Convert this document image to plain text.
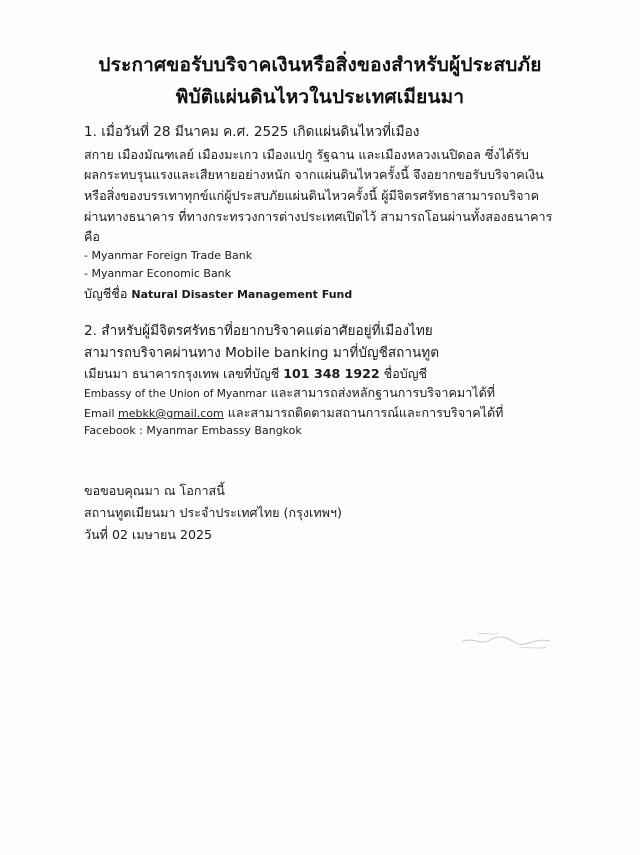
ประกาศขอรับบริจาคเงินหรือสิ่งของสำหรับผู้ประสบภัย
พิบัติแผ่นดินไหวในประเทศเมียนมา
1. เมื่อวันที่ 28 มีนาคม ค.ศ. 2525 เกิดแผ่นดินไหวที่เมือง
สกาย เมืองมัณฑเลย์ เมืองมะเกว เมืองแปกู รัฐฉาน และเมืองหลวงเนปิดอล ซึ่งได้รับ
ผลกระทบรุนแรงและเสียหายอย่างหนัก จากแผ่นดินไหวครั้งนี้ จึงอยากขอรับบริจาคเงิน
หรือสิ่งของบรรเทาทุกข์แก่ผู้ประสบภัยแผ่นดินไหวครั้งนี้ ผู้มีจิตรศรัทธาสามารถบริจาค
ผ่านทางธนาคาร ที่ทางกระทรวงการต่างประเทศเปิดไว้ สามารถโอนผ่านทั้งสองธนาคาร
คือ
- Myanmar Foreign Trade Bank
- Myanmar Economic Bank
บัญชีชื่อ Natural Disaster Management Fund
2. สำหรับผู้มีจิตรศรัทธาที่อยากบริจาคแต่อาศัยอยู่ที่เมืองไทย
สามารถบริจาคผ่านทาง Mobile banking มาที่บัญชีสถานทูต
เมียนมา ธนาคารกรุงเทพ เลขที่บัญชี 101 348 1922 ชื่อบัญชี
Embassy of the Union of Myanmar และสามารถส่งหลักฐานการบริจาคมาได้ที่
Email mebkk@gmail.com และสามารถติดตามสถานการณ์และการบริจาคได้ที่
Facebook : Myanmar Embassy Bangkok
ขอขอบคุณมา ณ โอกาสนี้
สถานทูตเมียนมา ประจำประเทศไทย (กรุงเทพฯ)
วันที่ 02 เมษายน 2025
